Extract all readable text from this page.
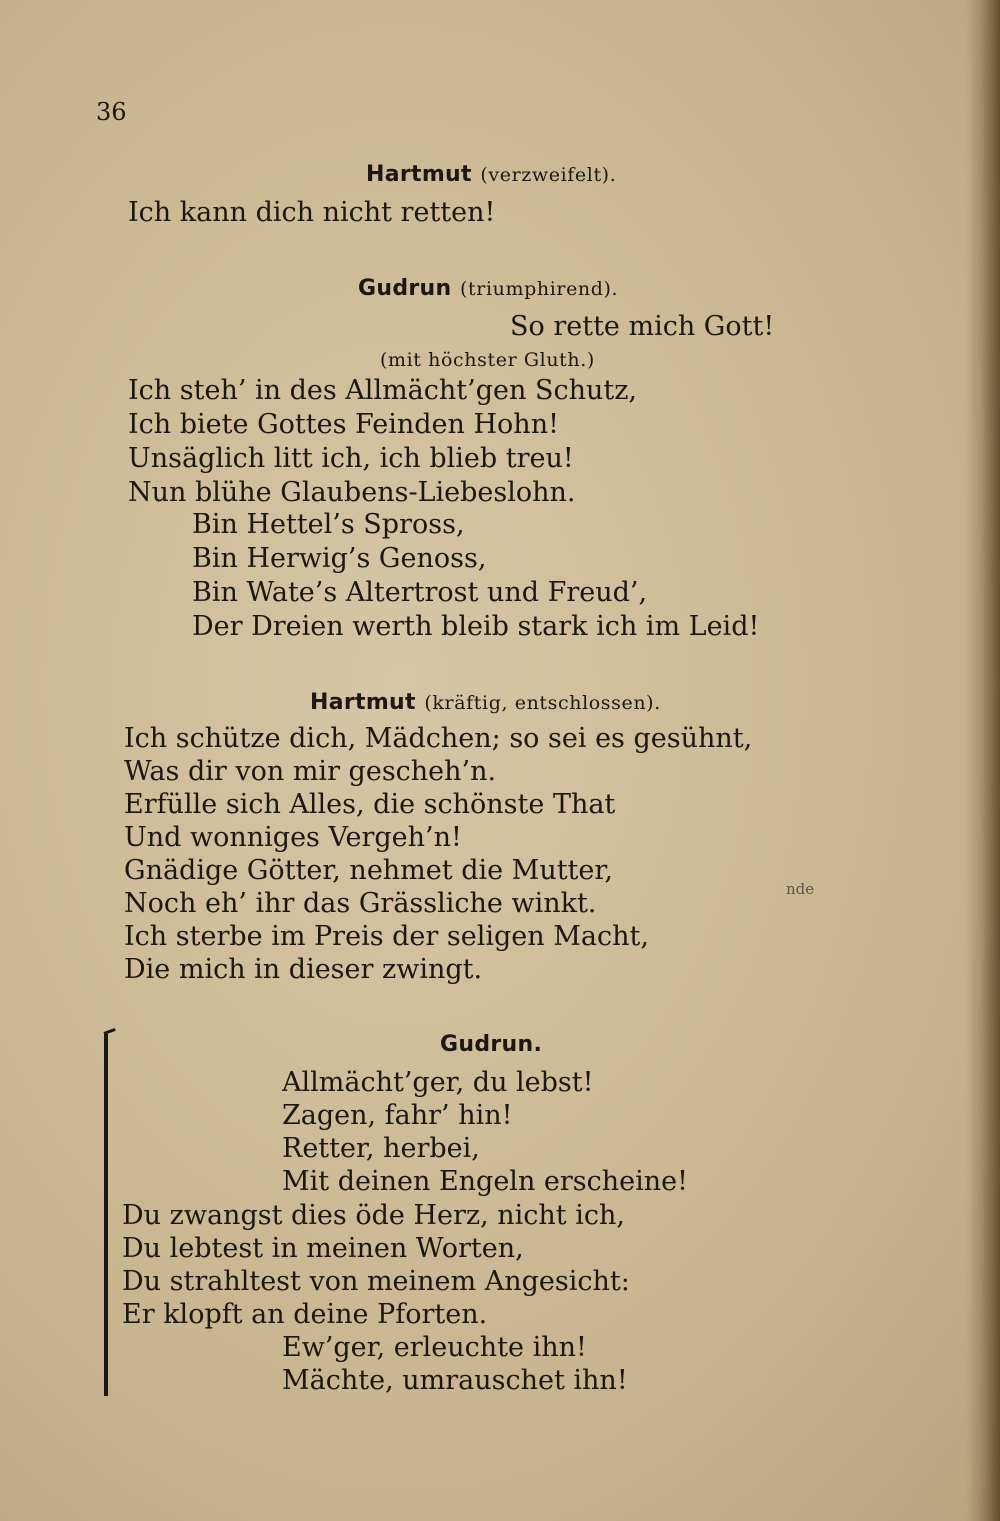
36
Hartmut (verzweifelt).
Ich kann dich nicht retten!
Gudrun (triumphirend).
So rette mich Gott!
(mit höchster Gluth.)
Ich steh’ in des Allmächt’gen Schutz,
Ich biete Gottes Feinden Hohn!
Unsäglich litt ich, ich blieb treu!
Nun blühe Glaubens-Liebeslohn.
Bin Hettel’s Spross,
Bin Herwig’s Genoss,
Bin Wate’s Altertrost und Freud’,
Der Dreien werth bleib stark ich im Leid!
Hartmut (kräftig, entschlossen).
Ich schütze dich, Mädchen; so sei es gesühnt,
Was dir von mir gescheh’n.
Erfülle sich Alles, die schönste That
Und wonniges Vergeh’n!
Gnädige Götter, nehmet die Mutter,
Noch eh’ ihr das Grässliche winkt.
Ich sterbe im Preis der seligen Macht,
Die mich in dieser zwingt.
nde
Gudrun.
Allmächt’ger, du lebst!
Zagen, fahr’ hin!
Retter, herbei,
Mit deinen Engeln erscheine!
Du zwangst dies öde Herz, nicht ich,
Du lebtest in meinen Worten,
Du strahltest von meinem Angesicht:
Er klopft an deine Pforten.
Ew’ger, erleuchte ihn!
Mächte, umrauschet ihn!
